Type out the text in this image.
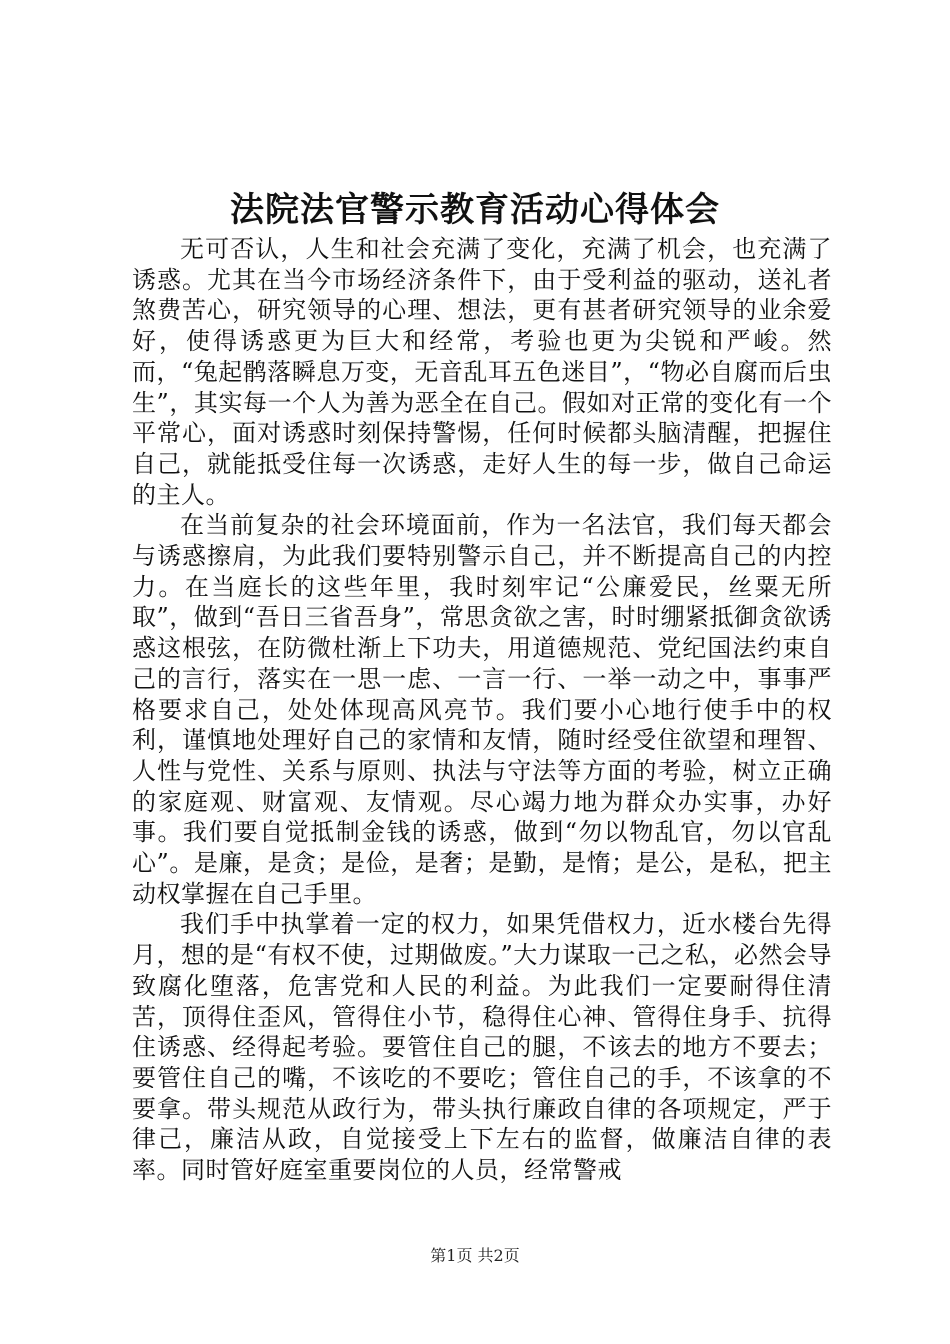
法院法官警示教育活动心得体会

无可否认，人生和社会充满了变化，充满了机会，也充满了诱惑。尤其在当今市场经济条件下，由于受利益的驱动，送礼者煞费苦心，研究领导的心理、想法，更有甚者研究领导的业余爱好，使得诱惑更为巨大和经常，考验也更为尖锐和严峻。然而，“兔起鹘落瞬息万变，无音乱耳五色迷目”，“物必自腐而后虫生”，其实每一个人为善为恶全在自己。假如对正常的变化有一个平常心，面对诱惑时刻保持警惕，任何时候都头脑清醒，把握住自己，就能抵受住每一次诱惑，走好人生的每一步，做自己命运的主人。

在当前复杂的社会环境面前，作为一名法官，我们每天都会与诱惑擦肩，为此我们要特别警示自己，并不断提高自己的内控力。在当庭长的这些年里，我时刻牢记“公廉爱民，丝粟无所取”，做到“吾日三省吾身”，常思贪欲之害，时时绷紧抵御贪欲诱惑这根弦，在防微杜渐上下功夫，用道德规范、党纪国法约束自己的言行，落实在一思一虑、一言一行、一举一动之中，事事严格要求自己，处处体现高风亮节。我们要小心地行使手中的权利，谨慎地处理好自己的家情和友情，随时经受住欲望和理智、人性与党性、关系与原则、执法与守法等方面的考验，树立正确的家庭观、财富观、友情观。尽心竭力地为群众办实事，办好事。我们要自觉抵制金钱的诱惑，做到“勿以物乱官，勿以官乱心”。是廉，是贪；是俭，是奢；是勤，是惰；是公，是私，把主动权掌握在自己手里。

我们手中执掌着一定的权力，如果凭借权力，近水楼台先得月，想的是“有权不使，过期做废。”大力谋取一己之私，必然会导致腐化堕落，危害党和人民的利益。为此我们一定要耐得住清苦，顶得住歪风，管得住小节，稳得住心神、管得住身手、抗得住诱惑、经得起考验。要管住自己的腿，不该去的地方不要去；要管住自己的嘴，不该吃的不要吃；管住自己的手，不该拿的不要拿。带头规范从政行为，带头执行廉政自律的各项规定，严于律己，廉洁从政，自觉接受上下左右的监督，做廉洁自律的表率。同时管好庭室重要岗位的人员，经常警戒

第1页 共2页
